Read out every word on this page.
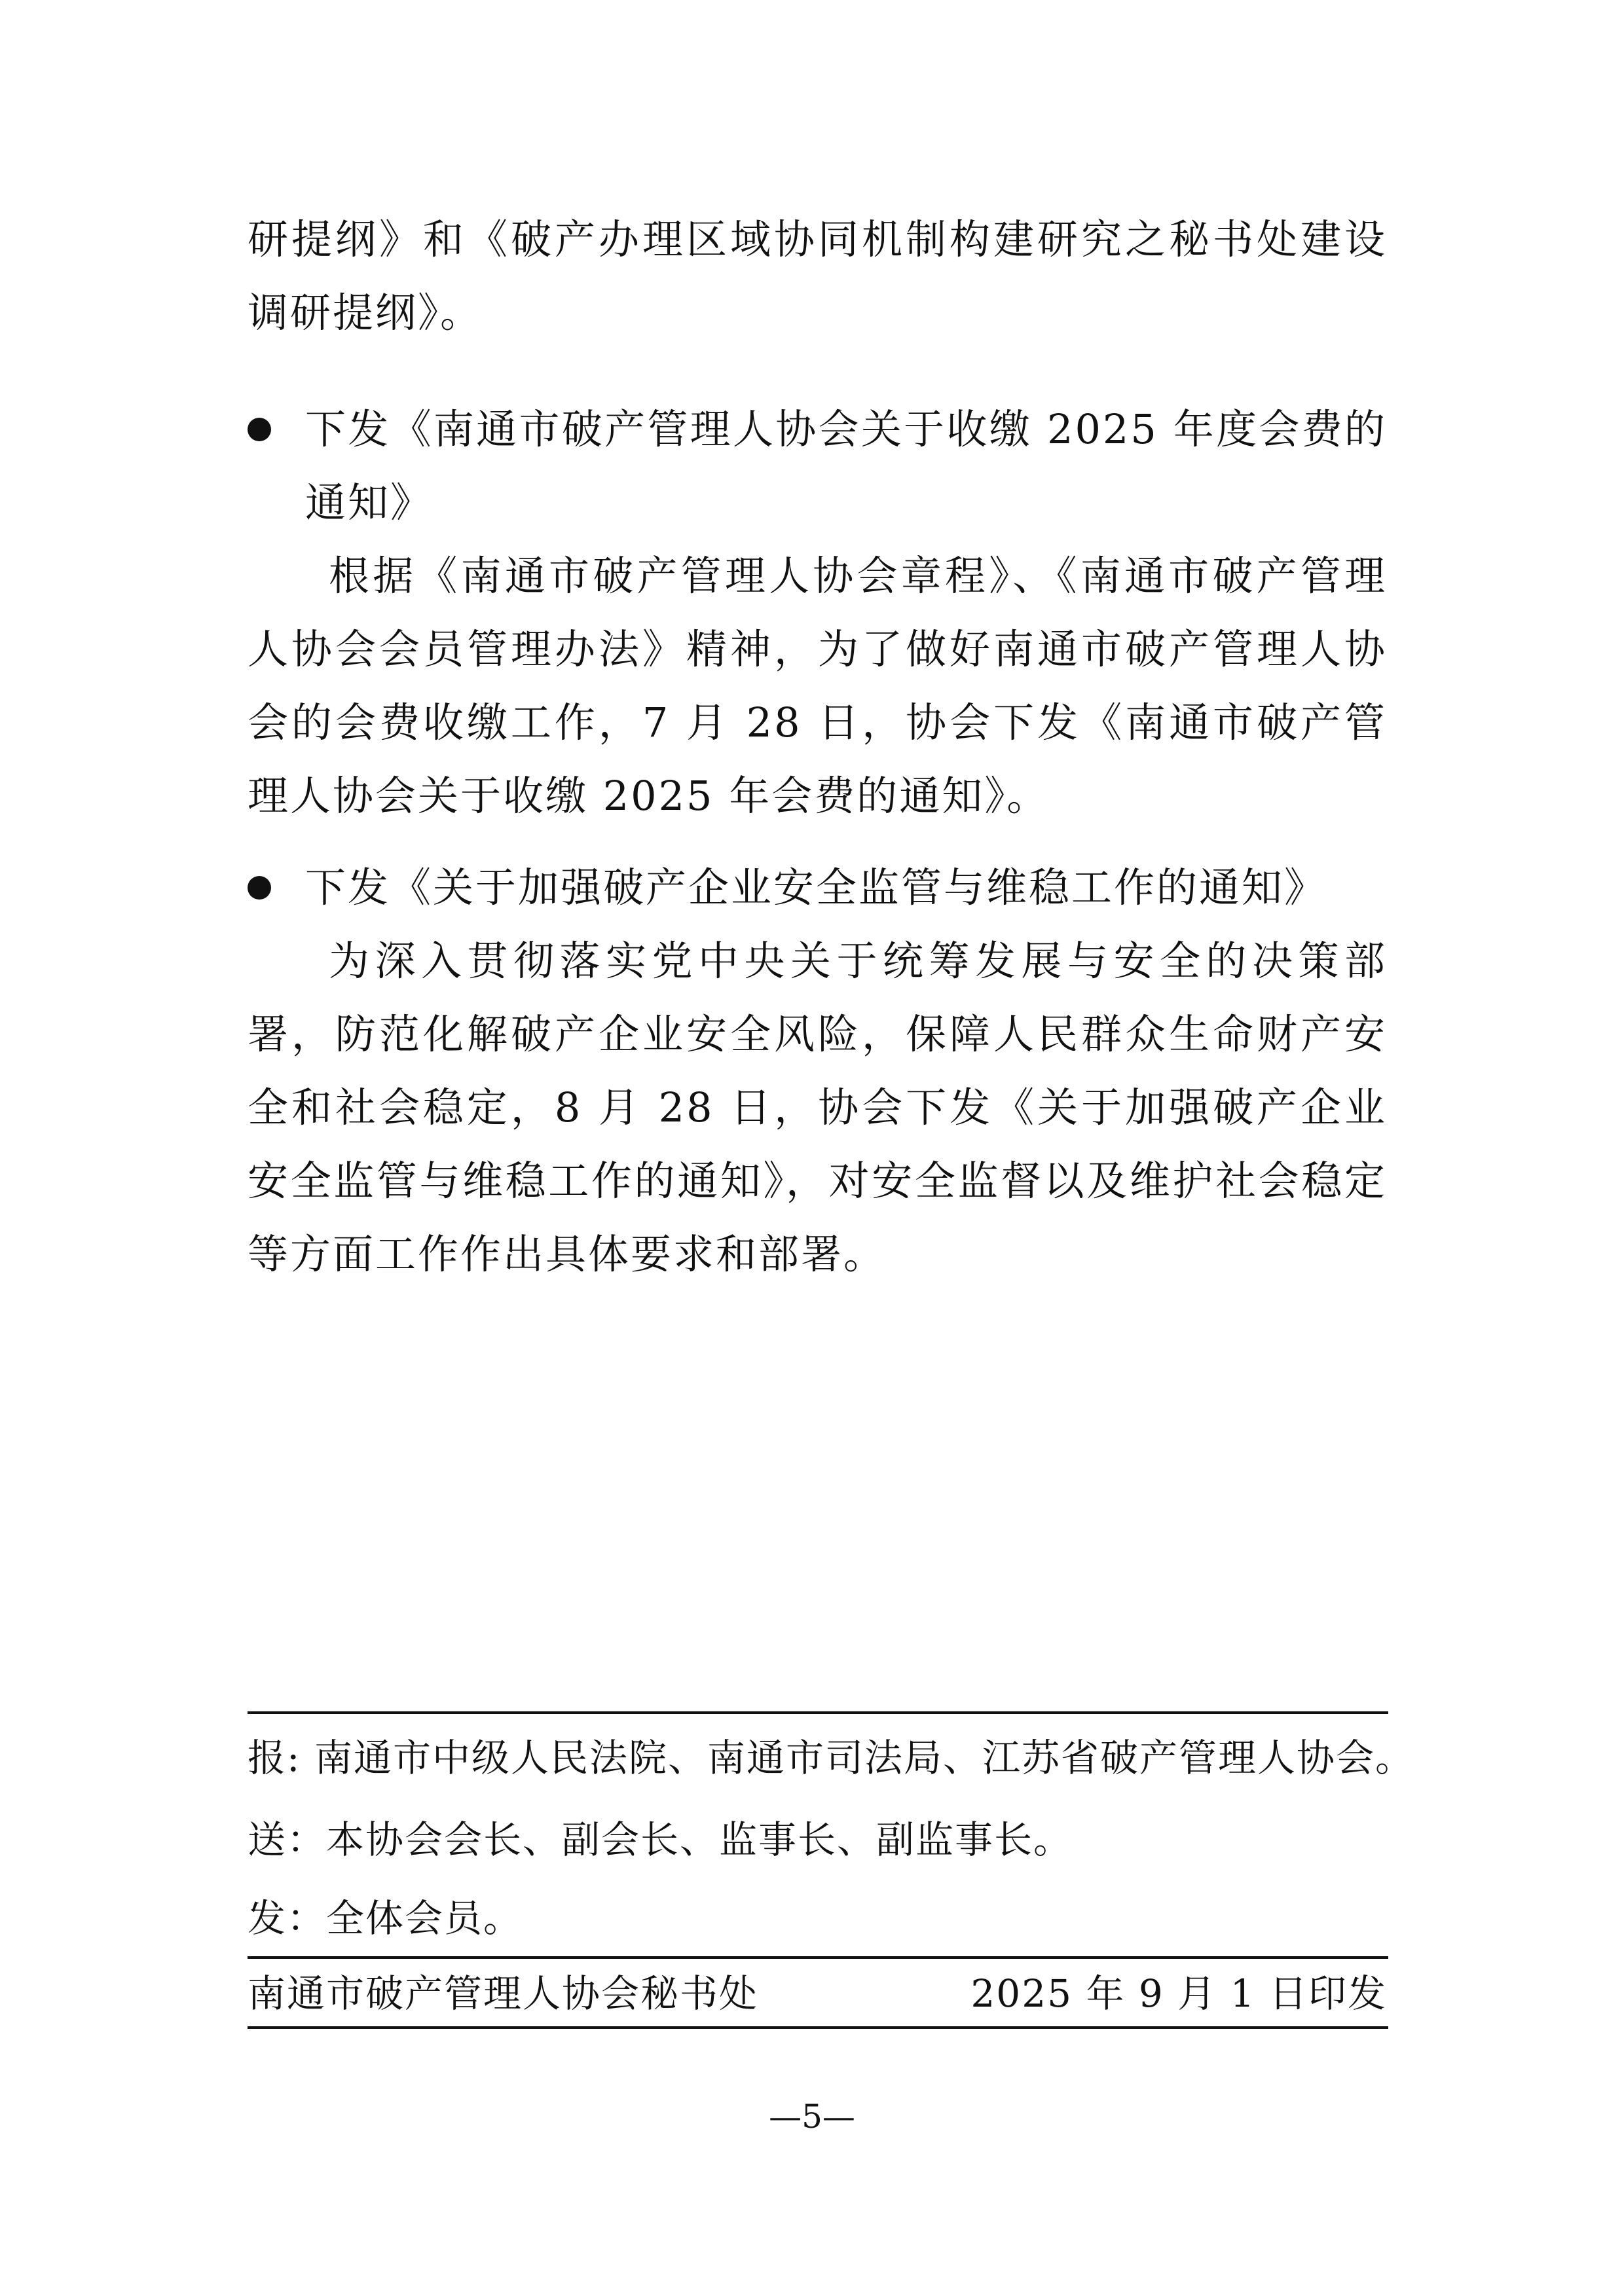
研提纲》和《破产办理区域协同机制构建研究之秘书处建设调研提纲》。

下发《南通市破产管理人协会关于收缴 2025 年度会费的通知》

根据《南通市破产管理人协会章程》、《南通市破产管理人协会会员管理办法》精神，为了做好南通市破产管理人协会的会费收缴工作，7 月 28 日，协会下发《南通市破产管理人协会关于收缴 2025 年会费的通知》。

下发《关于加强破产企业安全监管与维稳工作的通知》

为深入贯彻落实党中央关于统筹发展与安全的决策部署，防范化解破产企业安全风险，保障人民群众生命财产安全和社会稳定，8 月 28 日，协会下发《关于加强破产企业安全监管与维稳工作的通知》，对安全监督以及维护社会稳定等方面工作作出具体要求和部署。

报: 南通市中级人民法院、南通市司法局、江苏省破产管理人协会。
送：本协会会长、副会长、监事长、副监事长。
发：全体会员。
南通市破产管理人协会秘书处	2025 年 9 月 1 日印发
—5—
